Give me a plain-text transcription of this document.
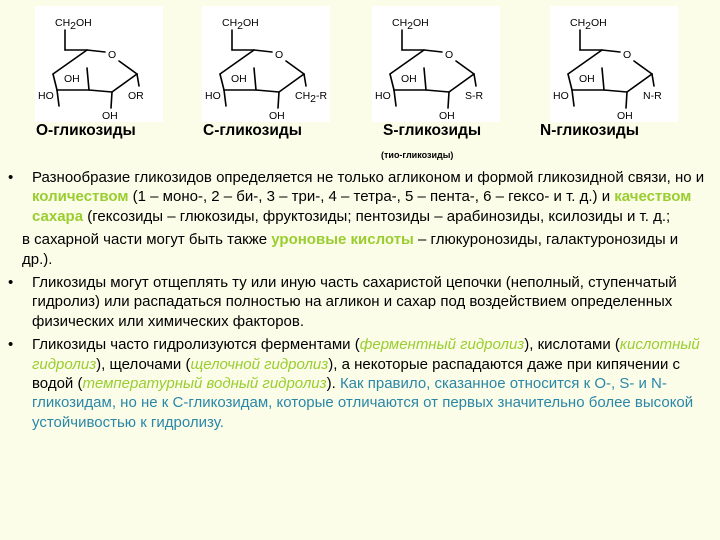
CH2OH
O
OH
HO
OH
OR
CH2OH
O
OH
HO
OH
CH2-R
CH2OH
O
OH
HO
OH
S-R
CH2OH
O
OH
HO
OH
N-R
O-гликозиды	C-гликозиды	S-гликозиды	N-гликозиды
(тио-гликозиды)
• Разнообразие гликозидов определяется не только агликоном и формой гликозидной связи, но и количеством (1 – моно-, 2 – би-, 3 – три-, 4 – тетра-, 5 – пента-, 6 – гексо- и т. д.) и качеством сахара (гексозиды – глюкозиды, фруктозиды; пентозиды – арабинозиды, ксилозиды и т. д.;
в сахарной части могут быть также уроновые кислоты – глюкуронозиды, галактуронозиды и др.).
• Гликозиды могут отщеплять ту или иную часть сахаристой цепочки (неполный, ступенчатый гидролиз) или распадаться полностью на агликон и сахар под воздействием определенных физических или химических факторов.
• Гликозиды часто гидролизуются ферментами (ферментный гидролиз), кислотами (кислотный гидролиз), щелочами (щелочной гидролиз), а некоторые распадаются даже при кипячении с водой (температурный водный гидролиз). Как правило, сказанное относится к O-, S- и N-гликозидам, но не к C-гликозидам, которые отличаются от первых значительно более высокой устойчивостью к гидролизу.
